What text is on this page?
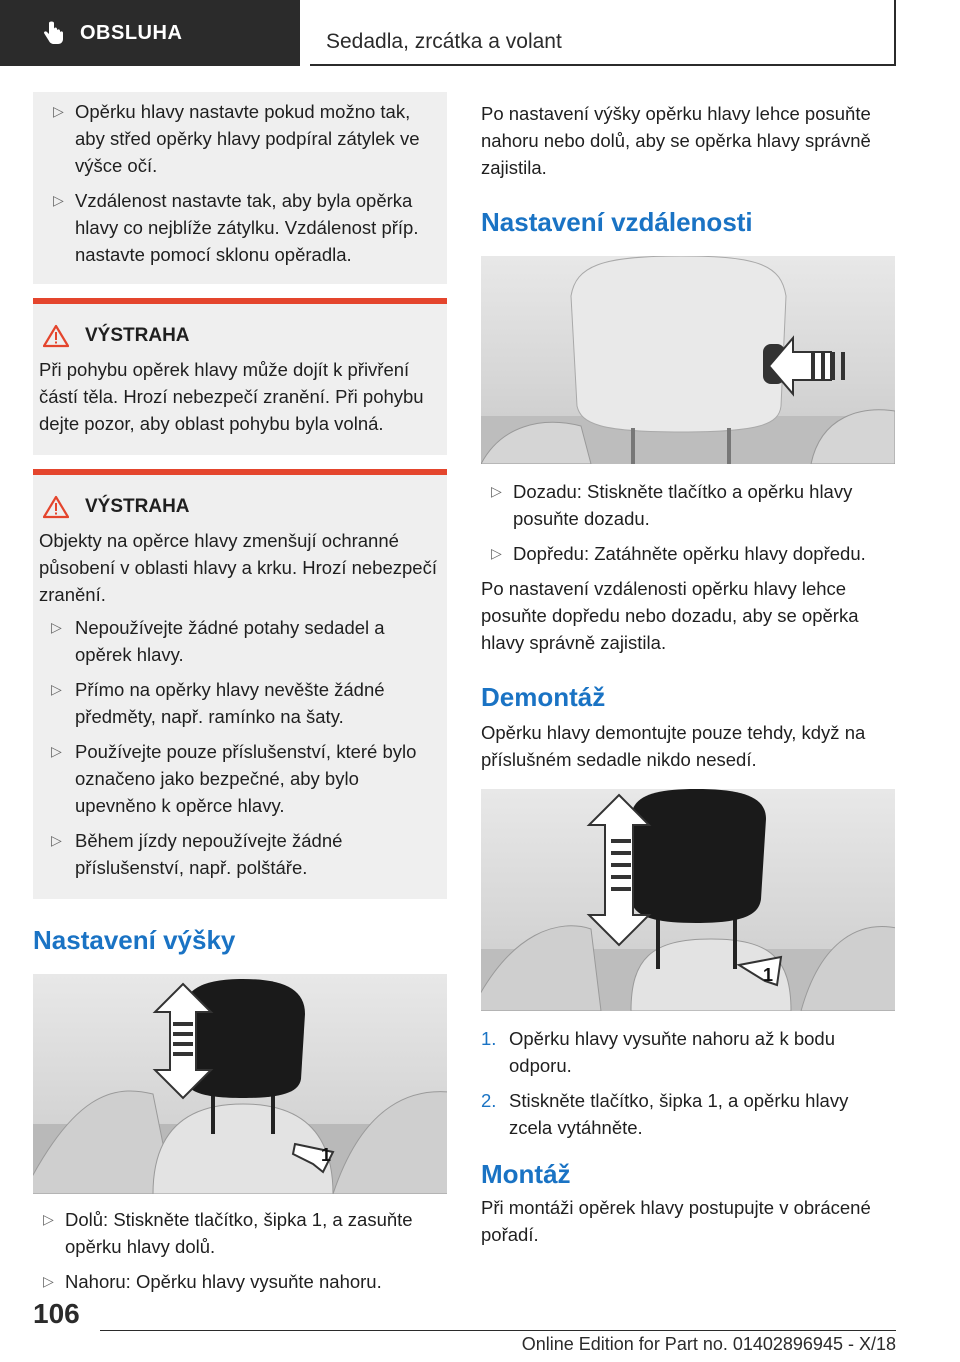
OBSLUHA	Sedadla, zrcátka a volant
▷ Opěrku hlavy nastavte pokud možno tak, aby střed opěrky hlavy podpíral zátylek ve výšce očí.
▷ Vzdálenost nastavte tak, aby byla opěrka hlavy co nejblíže zátylku. Vzdálenost příp. nastavte pomocí sklonu opěradla.
VÝSTRAHA

Při pohybu opěrek hlavy může dojít k přivření částí těla. Hrozí nebezpečí zranění. Při pohybu dejte pozor, aby oblast pohybu byla volná.

VÝSTRAHA

Objekty na opěrce hlavy zmenšují ochranné působení v oblasti hlavy a krku. Hrozí nebezpečí zranění.

▷ Nepoužívejte žádné potahy sedadel a opěrek hlavy.
▷ Přímo na opěrky hlavy nevěšte žádné předměty, např. ramínko na šaty.
▷ Používejte pouze příslušenství, které bylo označeno jako bezpečné, aby bylo upevněno k opěrce hlavy.
▷ Během jízdy nepoužívejte žádné příslušenství, např. polštáře.
Nastavení výšky
1
▷ Dolů: Stiskněte tlačítko, šipka 1, a zasuňte opěrku hlavy dolů.
▷ Nahoru: Opěrku hlavy vysuňte nahoru.

Po nastavení výšky opěrku hlavy lehce posuňte nahoru nebo dolů, aby se opěrka hlavy správně zajistila.

Nastavení vzdálenosti
▷ Dozadu: Stiskněte tlačítko a opěrku hlavy posuňte dozadu.
▷ Dopředu: Zatáhněte opěrku hlavy dopředu.

Po nastavení vzdálenosti opěrku hlavy lehce posuňte dopředu nebo dozadu, aby se opěrka hlavy správně zajistila.

Demontáž

Opěrku hlavy demontujte pouze tehdy, když na příslušném sedadle nikdo nesedí.

1
1. Opěrku hlavy vysuňte nahoru až k bodu odporu.
2. Stiskněte tlačítko, šipka 1, a opěrku hlavy zcela vytáhněte.
Montáž

Při montáži opěrek hlavy postupujte v obrácené pořadí.

106
Online Edition for Part no. 01402896945 - X/18
